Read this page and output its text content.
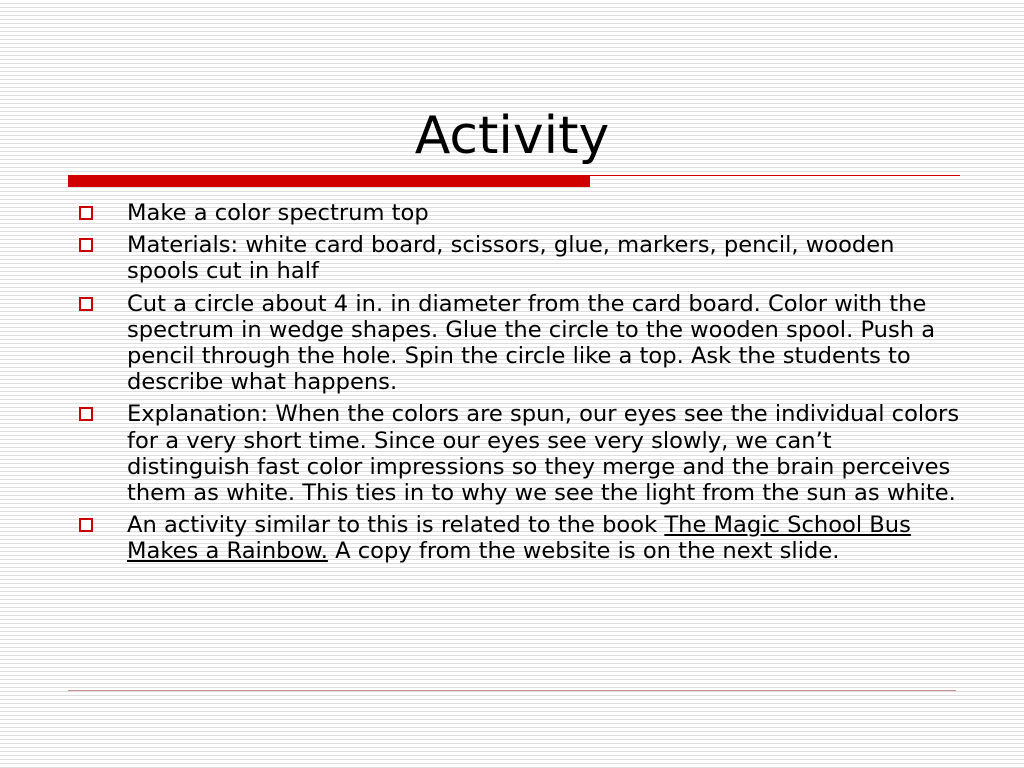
Activity
Make a color spectrum top
Materials: white card board, scissors, glue, markers, pencil, wooden spools cut in half
Cut a circle about 4 in. in diameter from the card board. Color with the spectrum in wedge shapes. Glue the circle to the wooden spool. Push a pencil through the hole. Spin the circle like a top. Ask the students to describe what happens.
Explanation: When the colors are spun, our eyes see the individual colors for a very short time. Since our eyes see very slowly, we can’t distinguish fast color impressions so they merge and the brain perceives them as white. This ties in to why we see the light from the sun as white.
An activity similar to this is related to the book The Magic School Bus Makes a Rainbow. A copy from the website is on the next slide.
